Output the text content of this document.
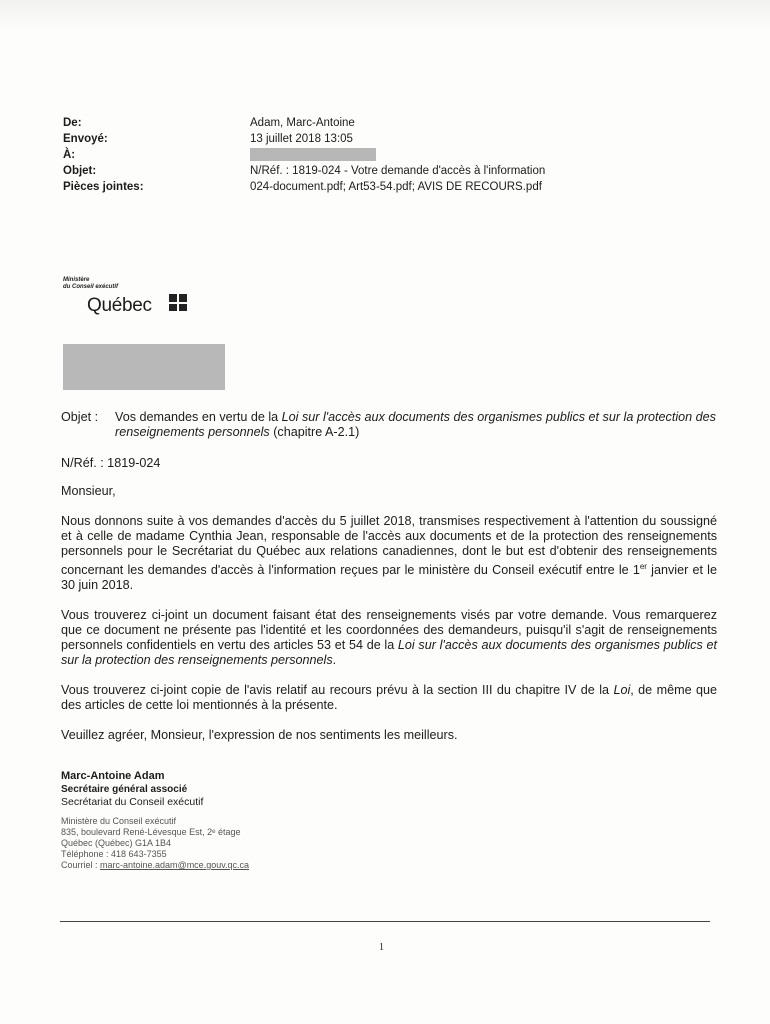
De:	Adam, Marc-Antoine
Envoyé:	13 juillet 2018 13:05
À:
Objet:	N/Réf. : 1819-024 - Votre demande d'accès à l'information
Pièces jointes:	024-document.pdf; Art53-54.pdf; AVIS DE RECOURS.pdf
Ministère
du Conseil exécutif
Québec
Objet :	Vos demandes en vertu de la Loi sur l'accès aux documents des organismes publics et sur la protection des renseignements personnels (chapitre A-2.1)
N/Réf. : 1819-024
Monsieur,
Nous donnons suite à vos demandes d'accès du 5 juillet 2018, transmises respectivement à l'attention du soussigné et à celle de madame Cynthia Jean, responsable de l'accès aux documents et de la protection des renseignements personnels pour le Secrétariat du Québec aux relations canadiennes, dont le but est d'obtenir des renseignements concernant les demandes d'accès à l'information reçues par le ministère du Conseil exécutif entre le 1er janvier et le 30 juin 2018.
Vous trouverez ci-joint un document faisant état des renseignements visés par votre demande. Vous remarquerez que ce document ne présente pas l'identité et les coordonnées des demandeurs, puisqu'il s'agit de renseignements personnels confidentiels en vertu des articles 53 et 54 de la Loi sur l'accès aux documents des organismes publics et sur la protection des renseignements personnels.
Vous trouverez ci-joint copie de l'avis relatif au recours prévu à la section III du chapitre IV de la Loi, de même que des articles de cette loi mentionnés à la présente.
Veuillez agréer, Monsieur, l'expression de nos sentiments les meilleurs.
Marc-Antoine Adam
Secrétaire général associé
Secrétariat du Conseil exécutif
Ministère du Conseil exécutif
835, boulevard René-Lévesque Est, 2ᵉ étage
Québec (Québec) G1A 1B4
Téléphone : 418 643-7355
Courriel : marc-antoine.adam@mce.gouv.qc.ca
1
